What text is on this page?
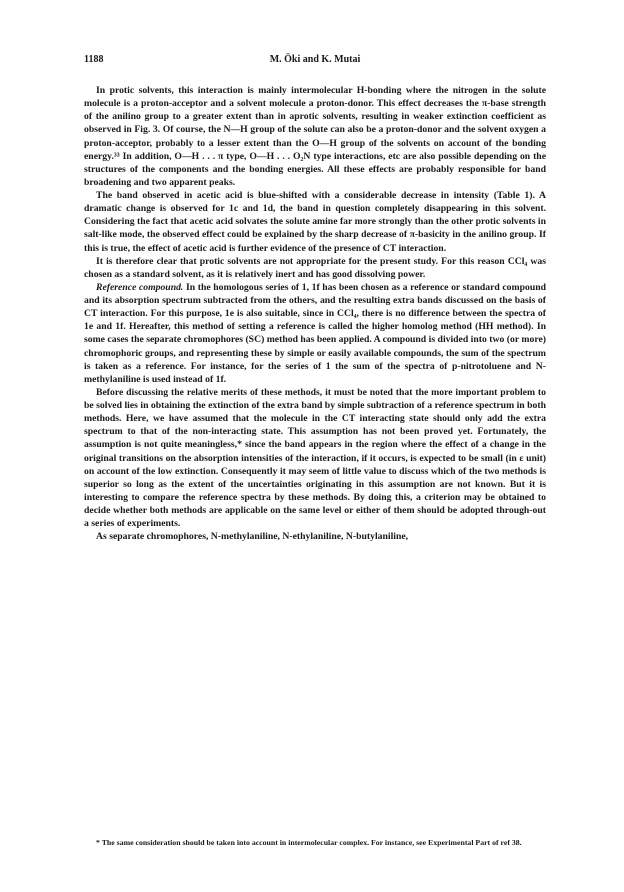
1188	M. Ōki and K. Mutai

In protic solvents, this interaction is mainly intermolecular H-bonding where the nitrogen in the solute molecule is a proton-acceptor and a solvent molecule a proton-donor. This effect decreases the π-base strength of the anilino group to a greater extent than in aprotic solvents, resulting in weaker extinction coefficient as observed in Fig. 3. Of course, the N—H group of the solute can also be a proton-donor and the solvent oxygen a proton-acceptor, probably to a lesser extent than the O—H group of the solvents on account of the bonding energy.³³ In addition, O—H . . . π type, O—H . . . O₂N type interactions, etc are also possible depending on the structures of the components and the bonding energies. All these effects are probably responsible for band broadening and two apparent peaks.

The band observed in acetic acid is blue-shifted with a considerable decrease in intensity (Table 1). A dramatic change is observed for 1c and 1d, the band in question completely disappearing in this solvent. Considering the fact that acetic acid solvates the solute amine far more strongly than the other protic solvents in salt-like mode, the observed effect could be explained by the sharp decrease of π-basicity in the anilino group. If this is true, the effect of acetic acid is further evidence of the presence of CT interaction.

It is therefore clear that protic solvents are not appropriate for the present study. For this reason CCl₄ was chosen as a standard solvent, as it is relatively inert and has good dissolving power.

Reference compound. In the homologous series of 1, 1f has been chosen as a reference or standard compound and its absorption spectrum subtracted from the others, and the resulting extra bands discussed on the basis of CT interaction. For this purpose, 1e is also suitable, since in CCl₄, there is no difference between the spectra of 1e and 1f. Hereafter, this method of setting a reference is called the higher homolog method (HH method). In some cases the separate chromophores (SC) method has been applied. A compound is divided into two (or more) chromophoric groups, and representing these by simple or easily available compounds, the sum of the spectrum is taken as a reference. For instance, for the series of 1 the sum of the spectra of p-nitrotoluene and N-methylaniline is used instead of 1f.

Before discussing the relative merits of these methods, it must be noted that the more important problem to be solved lies in obtaining the extinction of the extra band by simple subtraction of a reference spectrum in both methods. Here, we have assumed that the molecule in the CT interacting state should only add the extra spectrum to that of the non-interacting state. This assumption has not been proved yet. Fortunately, the assumption is not quite meaningless,* since the band appears in the region where the effect of a change in the original transitions on the absorption intensities of the interaction, if it occurs, is expected to be small (in ε unit) on account of the low extinction. Consequently it may seem of little value to discuss which of the two methods is superior so long as the extent of the uncertainties originating in this assumption are not known. But it is interesting to compare the reference spectra by these methods. By doing this, a criterion may be obtained to decide whether both methods are applicable on the same level or either of them should be adopted through-out a series of experiments.

As separate chromophores, N-methylaniline, N-ethylaniline, N-butylaniline,

* The same consideration should be taken into account in intermolecular complex. For instance, see Experimental Part of ref 38.
